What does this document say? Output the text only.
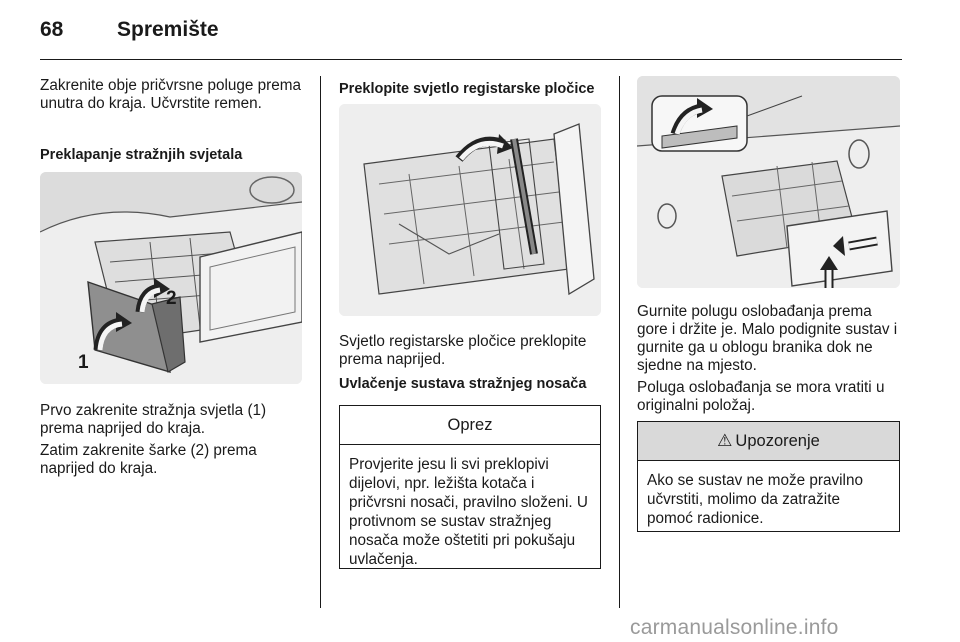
68	Spremište
Zakrenite obje pričvrsne poluge prema unutra do kraja. Učvrstite remen.
Preklapanje stražnjih svjetala
1
2
Prvo zakrenite stražnja svjetla (1) prema naprijed do kraja.
Zatim zakrenite šarke (2) prema naprijed do kraja.
Preklopite svjetlo registarske pločice
Svjetlo registarske pločice preklopite prema naprijed.
Uvlačenje sustava stražnjeg nosača
Oprez
Provjerite jesu li svi preklopivi dijelovi, npr. ležišta kotača i pričvrsni nosači, pravilno složeni. U protivnom se sustav stražnjeg nosača može oštetiti pri pokušaju uvlačenja.
Gurnite polugu oslobađanja prema gore i držite je. Malo podignite sustav i gurnite ga u oblogu branika dok ne sjedne na mjesto.
Poluga oslobađanja se mora vratiti u originalni položaj.
⚠ Upozorenje
Ako se sustav ne može pravilno učvrstiti, molimo da zatražite pomoć radionice.
carmanualsonline.info
